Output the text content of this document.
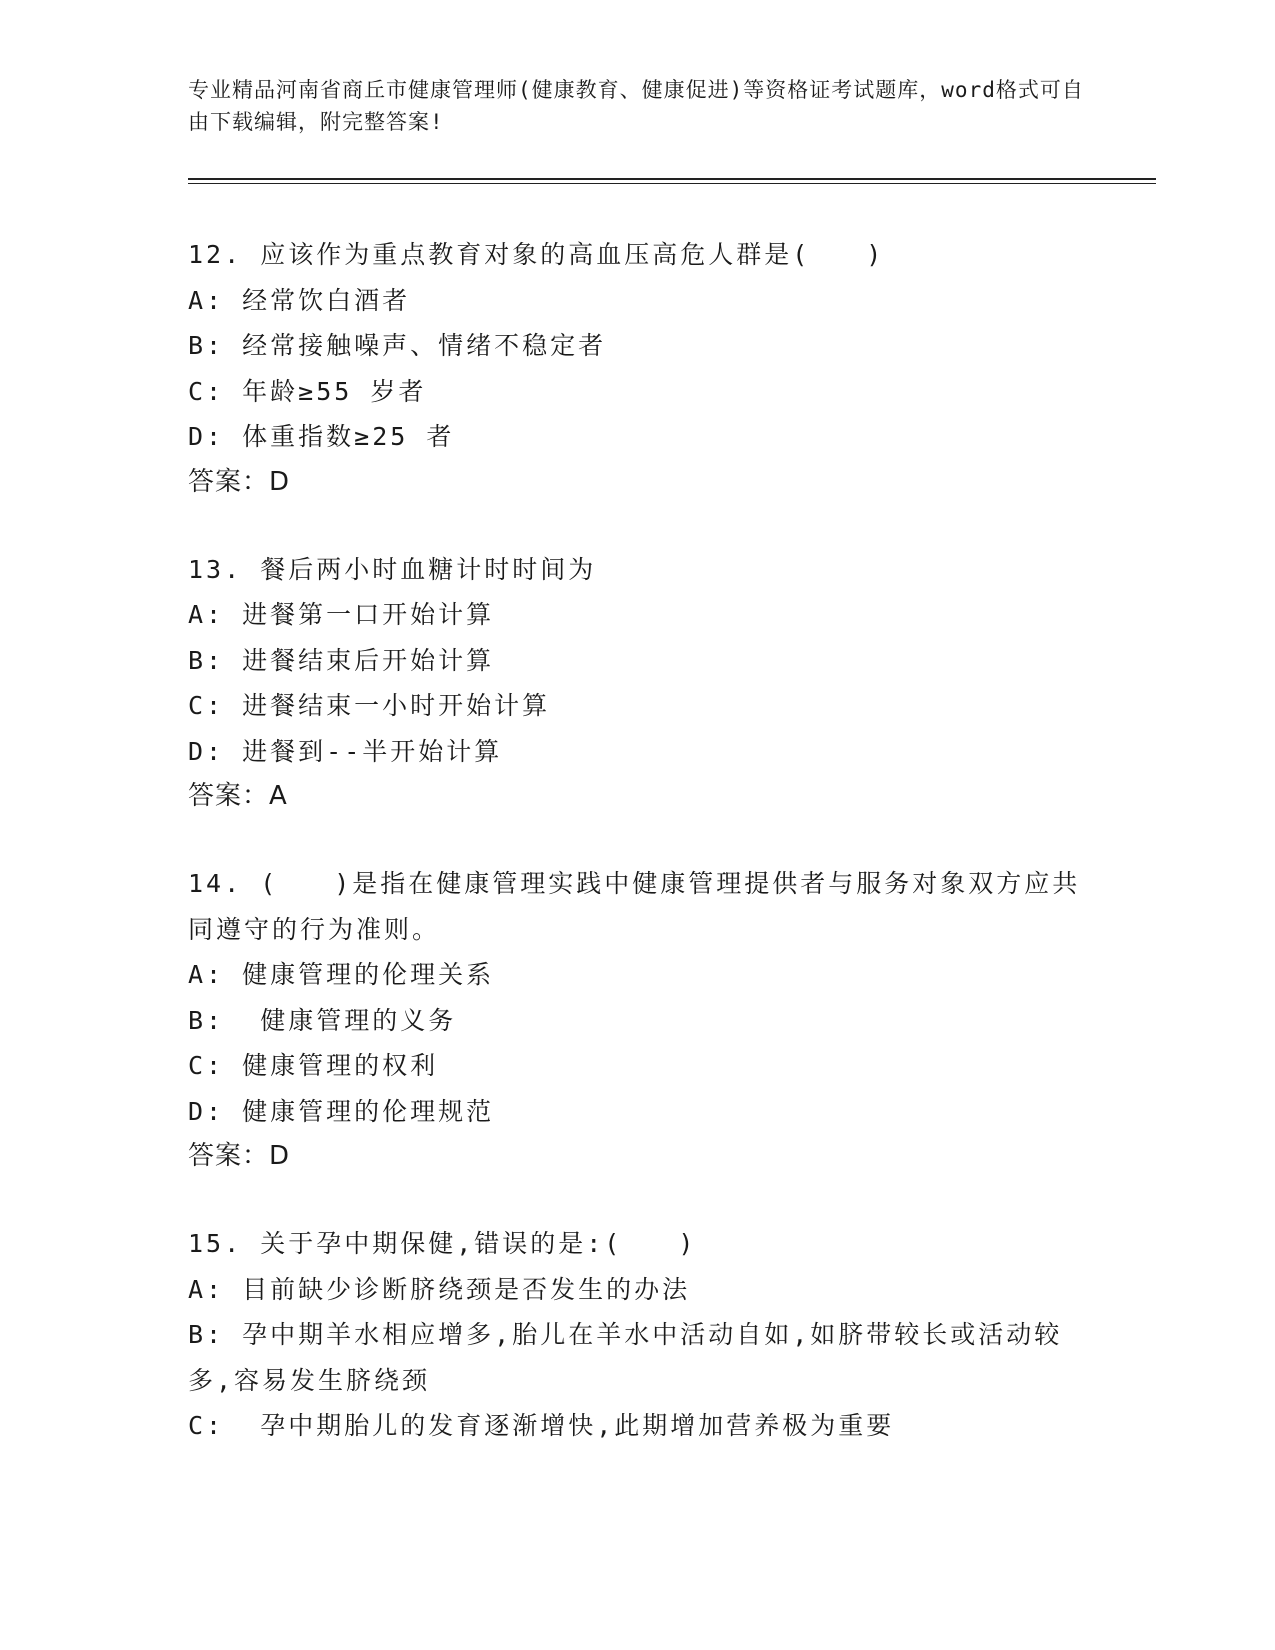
专业精品河南省商丘市健康管理师(健康教育、健康促进)等资格证考试题库，word格式可自由下载编辑，附完整答案!
12. 应该作为重点教育对象的高血压高危人群是(　　)
A: 经常饮白酒者
B: 经常接触噪声、情绪不稳定者
C: 年龄≥55 岁者
D: 体重指数≥25 者
答案：D
13. 餐后两小时血糖计时时间为
A: 进餐第一口开始计算
B: 进餐结束后开始计算
C: 进餐结束一小时开始计算
D: 进餐到--半开始计算
答案：A
14. (　　)是指在健康管理实践中健康管理提供者与服务对象双方应共同遵守的行为准则。
A: 健康管理的伦理关系
B:  健康管理的义务
C: 健康管理的权利
D: 健康管理的伦理规范
答案：D
15. 关于孕中期保健,错误的是:(　　)
A: 目前缺少诊断脐绕颈是否发生的办法
B: 孕中期羊水相应增多,胎儿在羊水中活动自如,如脐带较长或活动较多,容易发生脐绕颈
C:  孕中期胎儿的发育逐渐增快,此期增加营养极为重要
